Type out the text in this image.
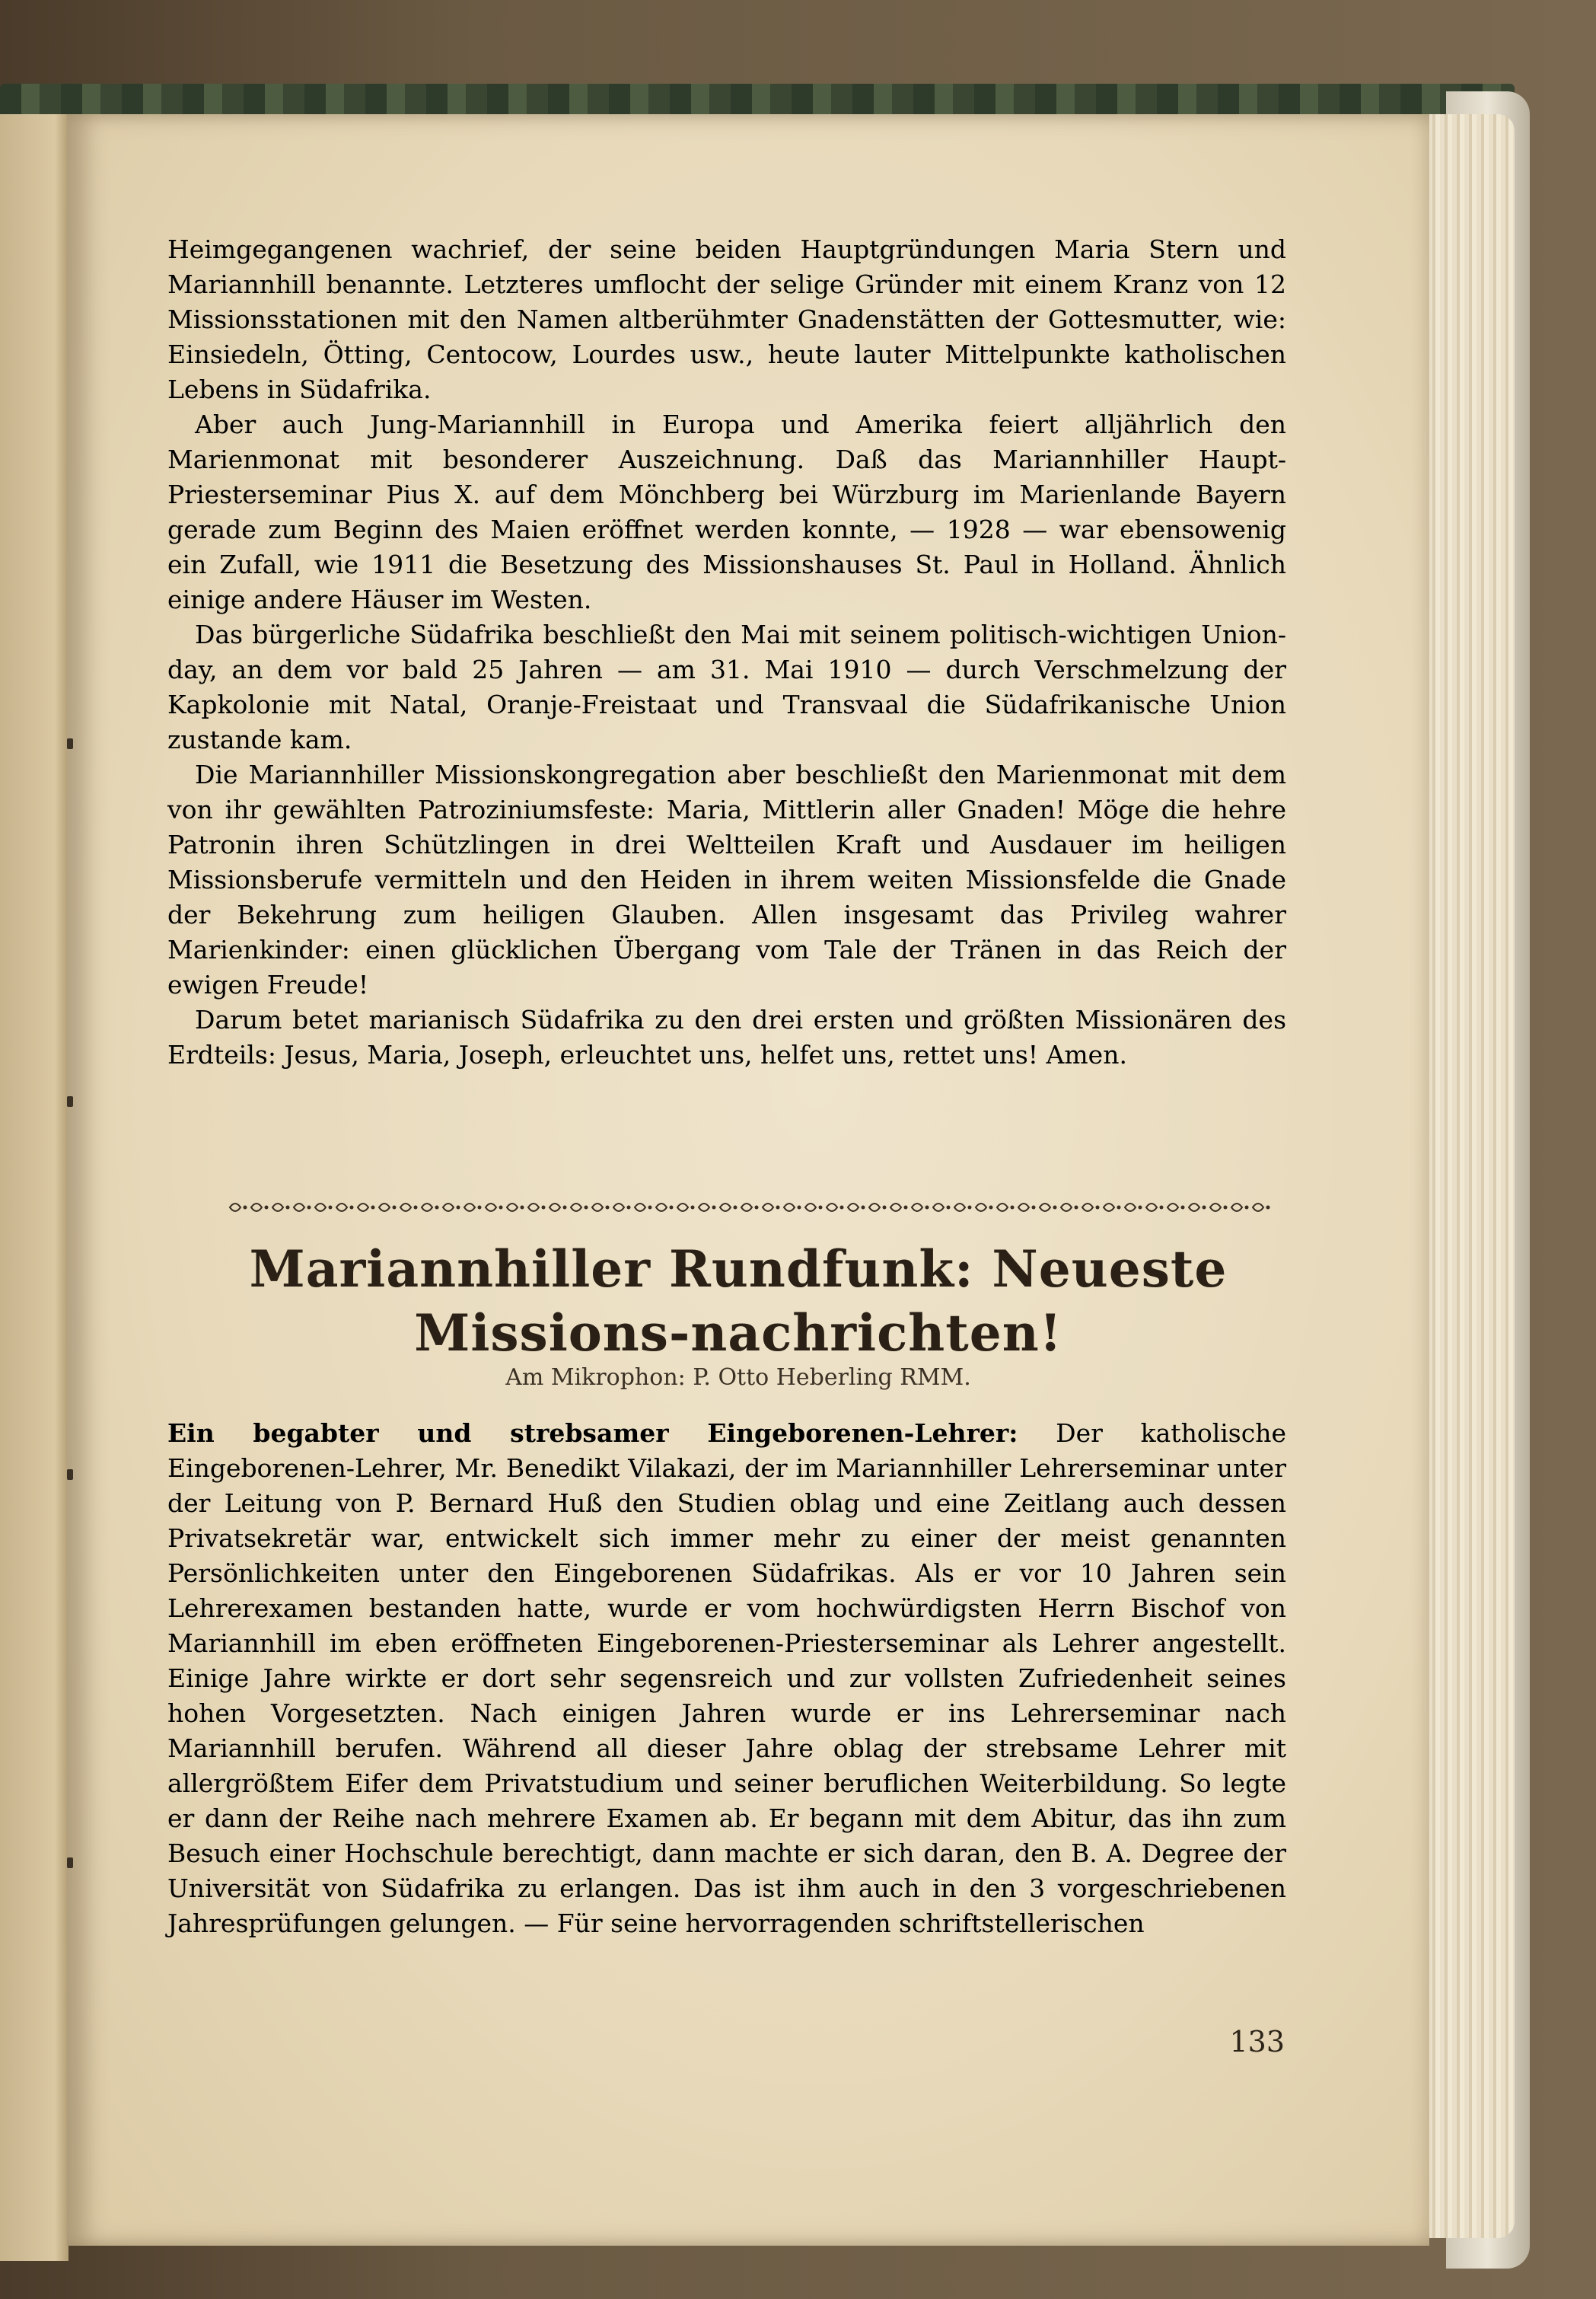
Heimgegangenen wachrief, der seine beiden Hauptgründungen Maria Stern und Mariannhill benannte. Letzteres umflocht der selige Gründer mit einem Kranz von 12 Missionsstationen mit den Namen altberühmter Gnadenstätten der Gottesmutter, wie: Einsiedeln, Ötting, Centocow, Lourdes usw., heute lauter Mittelpunkte katholischen Lebens in Südafrika.

Aber auch Jung-Mariannhill in Europa und Amerika feiert alljährlich den Marienmonat mit besonderer Auszeichnung. Daß das Mariannhiller Haupt-Priesterseminar Pius X. auf dem Mönchberg bei Würzburg im Marienlande Bayern gerade zum Beginn des Maien eröffnet werden konnte, — 1928 — war ebensowenig ein Zufall, wie 1911 die Besetzung des Missionshauses St. Paul in Holland. Ähnlich einige andere Häuser im Westen.

Das bürgerliche Südafrika beschließt den Mai mit seinem politisch-wichtigen Union-day, an dem vor bald 25 Jahren — am 31. Mai 1910 — durch Verschmelzung der Kapkolonie mit Natal, Oranje-Freistaat und Transvaal die Südafrikanische Union zustande kam.

Die Mariannhiller Missionskongregation aber beschließt den Marienmonat mit dem von ihr gewählten Patroziniumsfeste: Maria, Mittlerin aller Gnaden! Möge die hehre Patronin ihren Schützlingen in drei Weltteilen Kraft und Ausdauer im heiligen Missionsberufe vermitteln und den Heiden in ihrem weiten Missionsfelde die Gnade der Bekehrung zum heiligen Glauben. Allen insgesamt das Privileg wahrer Marienkinder: einen glücklichen Übergang vom Tale der Tränen in das Reich der ewigen Freude!

Darum betet marianisch Südafrika zu den drei ersten und größten Missionären des Erdteils: Jesus, Maria, Joseph, erleuchtet uns, helfet uns, rettet uns! Amen.

Mariannhiller Rundfunk: Neueste Missions-nachrichten!
Am Mikrophon: P. Otto Heberling RMM.

Ein begabter und strebsamer Eingeborenen-Lehrer: Der katholische Eingeborenen-Lehrer, Mr. Benedikt Vilakazi, der im Mariannhiller Lehrerseminar unter der Leitung von P. Bernard Huß den Studien oblag und eine Zeitlang auch dessen Privatsekretär war, entwickelt sich immer mehr zu einer der meist genannten Persönlichkeiten unter den Eingeborenen Südafrikas. Als er vor 10 Jahren sein Lehrerexamen bestanden hatte, wurde er vom hochwürdigsten Herrn Bischof von Mariannhill im eben eröffneten Eingeborenen-Priesterseminar als Lehrer angestellt. Einige Jahre wirkte er dort sehr segensreich und zur vollsten Zufriedenheit seines hohen Vorgesetzten. Nach einigen Jahren wurde er ins Lehrerseminar nach Mariannhill berufen. Während all dieser Jahre oblag der strebsame Lehrer mit allergrößtem Eifer dem Privatstudium und seiner beruflichen Weiterbildung. So legte er dann der Reihe nach mehrere Examen ab. Er begann mit dem Abitur, das ihn zum Besuch einer Hochschule berechtigt, dann machte er sich daran, den B. A. Degree der Universität von Südafrika zu erlangen. Das ist ihm auch in den 3 vorgeschriebenen Jahresprüfungen gelungen. — Für seine hervorragenden schriftstellerischen

133
